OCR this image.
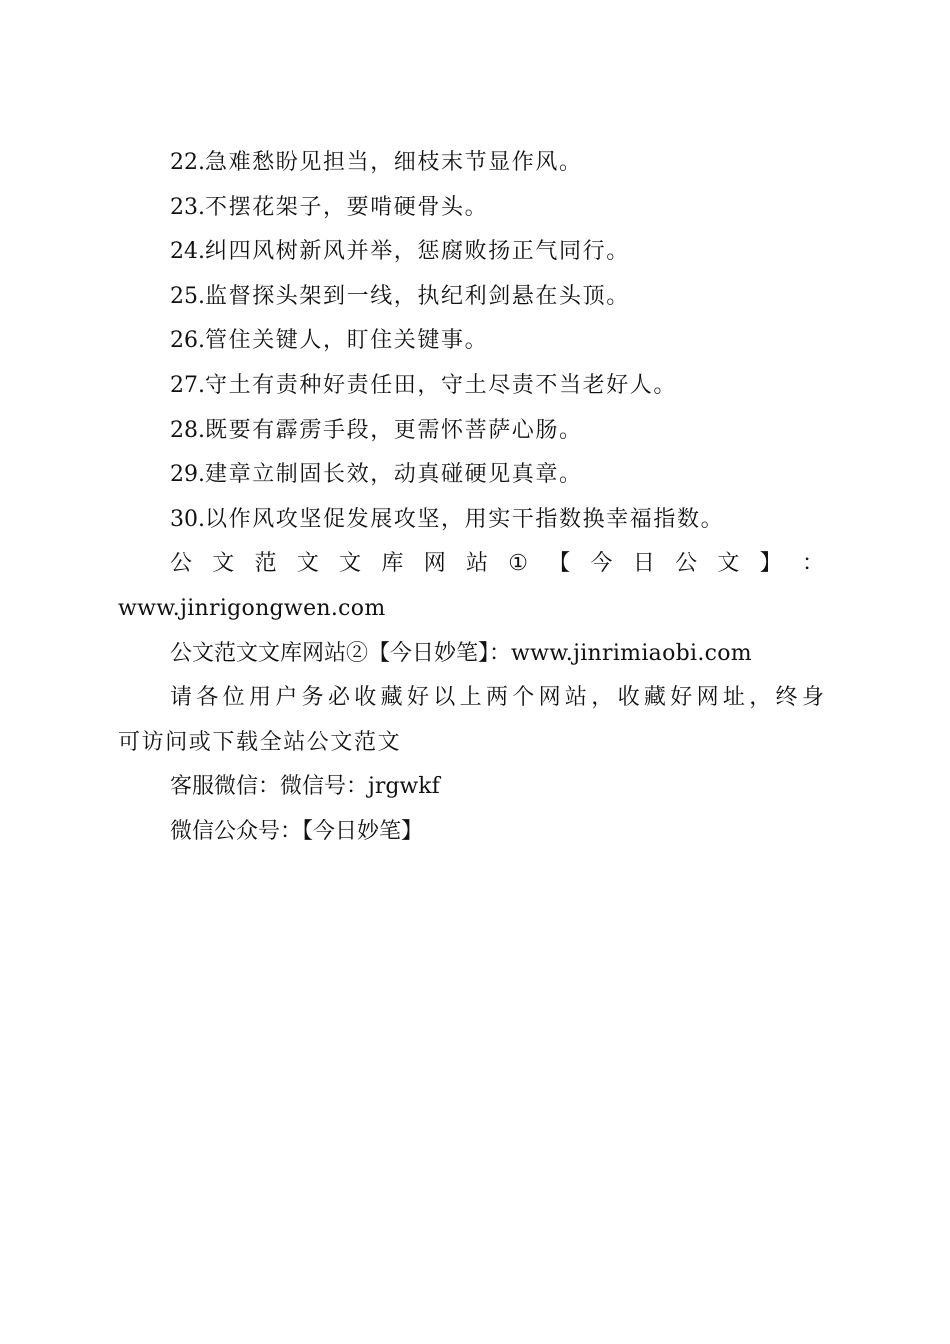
22.急难愁盼见担当，细枝末节显作风。
23.不摆花架子，要啃硬骨头。
24.纠四风树新风并举，惩腐败扬正气同行。
25.监督探头架到一线，执纪利剑悬在头顶。
26.管住关键人，盯住关键事。
27.守土有责种好责任田，守土尽责不当老好人。
28.既要有霹雳手段，更需怀菩萨心肠。
29.建章立制固长效，动真碰硬见真章。
30.以作风攻坚促发展攻坚，用实干指数换幸福指数。
公 文 范 文 文 库 网 站 ① 【 今 日 公 文 】 ：
www.jinrigongwen.com
公文范文文库网站②【今日妙笔】：www.jinrimiaobi.com
请 各 位 用 户 务 必 收 藏 好 以 上 两 个 网 站 ， 收 藏 好 网 址 ， 终 身
可访问或下载全站公文范文
客服微信：微信号：jrgwkf
微信公众号：【今日妙笔】
